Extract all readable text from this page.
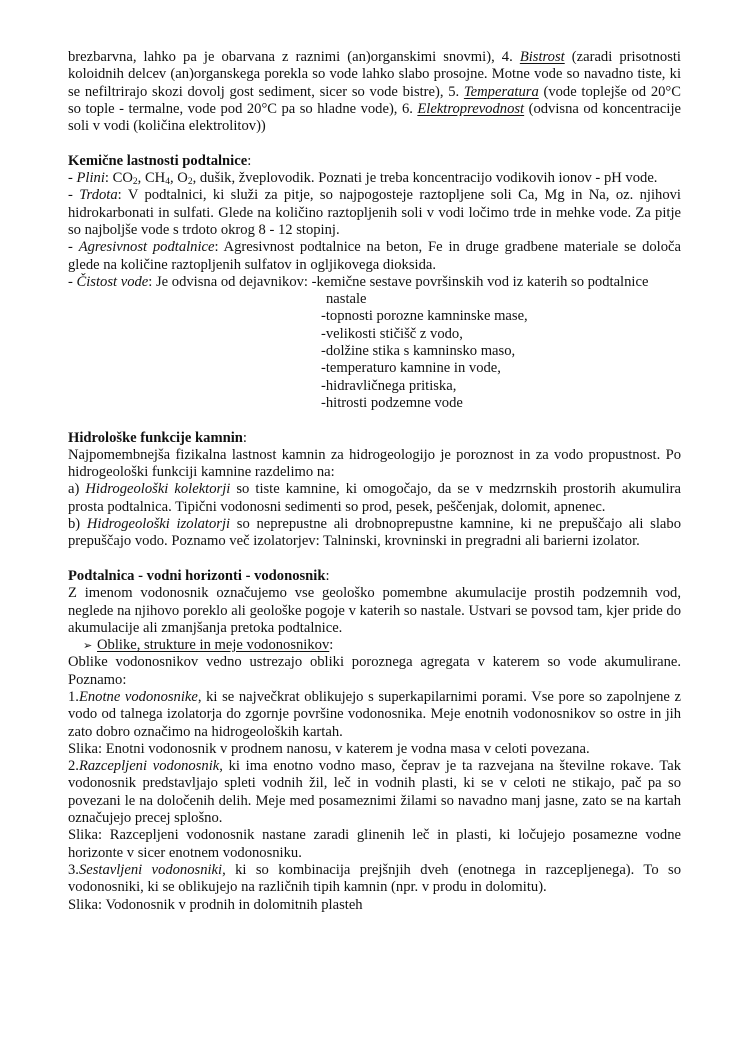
brezbarvna, lahko pa je obarvana z raznimi (an)organskimi snovmi), 4. Bistrost (zaradi prisotnosti koloidnih delcev (an)organskega porekla so vode lahko slabo prosojne. Motne vode so navadno tiste, ki se nefiltrirajo skozi dovolj gost sediment, sicer so vode bistre), 5. Temperatura (vode toplejše od 20°C so tople - termalne, vode pod 20°C pa so hladne vode), 6. Elektroprevodnost (odvisna od koncentracije soli v vodi (količina elektrolitov))

Kemične lastnosti podtalnice:

- Plini: $CO_2$, $CH_4$, $O_2$, dušik, žveplovodik. Poznati je treba koncentracijo vodikovih ionov - pH vode.

- Trdota: V podtalnici, ki služi za pitje, so najpogosteje raztopljene soli Ca, Mg in Na, oz. njihovi hidrokarbonati in sulfati. Glede na količino raztopljenih soli v vodi ločimo trde in mehke vode. Za pitje so najboljše vode s trdoto okrog 8 - 12 stopinj.

- Agresivnost podtalnice: Agresivnost podtalnice na beton, Fe in druge gradbene materiale se določa glede na količine raztopljenih sulfatov in ogljikovega dioksida.

- Čistost vode: Je odvisna od dejavnikov: -kemične sestave površinskih vod iz katerih so podtalnice

nastale

-topnosti porozne kamninske mase,

-velikosti stičišč z vodo,

-dolžine stika s kamninsko maso,

-temperaturo kamnine in vode,

-hidravličnega pritiska,

-hitrosti podzemne vode

Hidrološke funkcije kamnin:

Najpomembnejša fizikalna lastnost kamnin za hidrogeologijo je poroznost in za vodo propustnost. Po hidrogeološki funkciji kamnine razdelimo na:

a) Hidrogeološki kolektorji so tiste kamnine, ki omogočajo, da se v medzrnskih prostorih akumulira prosta podtalnica. Tipični vodonosni sedimenti so prod, pesek, peščenjak, dolomit, apnenec.

b) Hidrogeološki izolatorji so neprepustne ali drobnoprepustne kamnine, ki ne prepuščajo ali slabo prepuščajo vodo. Poznamo več izolatorjev: Talninski, krovninski in pregradni ali barierni izolator.

Podtalnica - vodni horizonti - vodonosnik:

Z imenom vodonosnik označujemo vse geološko pomembne akumulacije prostih podzemnih vod, neglede na njihovo poreklo ali geološke pogoje v katerih so nastale. Ustvari se povsod tam, kjer pride do akumulacije ali zmanjšanja pretoka podtalnice.

➢ Oblike, strukture in meje vodonosnikov:

Oblike vodonosnikov vedno ustrezajo obliki poroznega agregata v katerem so vode akumulirane. Poznamo:

1.Enotne vodonosnike, ki se največkrat oblikujejo s superkapilarnimi porami. Vse pore so zapolnjene z vodo od talnega izolatorja do zgornje površine vodonosnika. Meje enotnih vodonosnikov so ostre in jih zato dobro označimo na hidrogeoloških kartah.

Slika: Enotni vodonosnik v prodnem nanosu, v katerem je vodna masa v celoti povezana.

2.Razcepljeni vodonosnik, ki ima enotno vodno maso, čeprav je ta razvejana na številne rokave. Tak vodonosnik predstavljajo spleti vodnih žil, leč in vodnih plasti, ki se v celoti ne stikajo, pač pa so povezani le na določenih delih. Meje med posameznimi žilami so navadno manj jasne, zato se na kartah označujejo precej splošno.

Slika: Razcepljeni vodonosnik nastane zaradi glinenih leč in plasti, ki ločujejo posamezne vodne horizonte v sicer enotnem vodonosniku.

3.Sestavljeni vodonosniki, ki so kombinacija prejšnjih dveh (enotnega in razcepljenega). To so vodonosniki, ki se oblikujejo na različnih tipih kamnin (npr. v produ in dolomitu).

Slika: Vodonosnik v prodnih in dolomitnih plasteh
